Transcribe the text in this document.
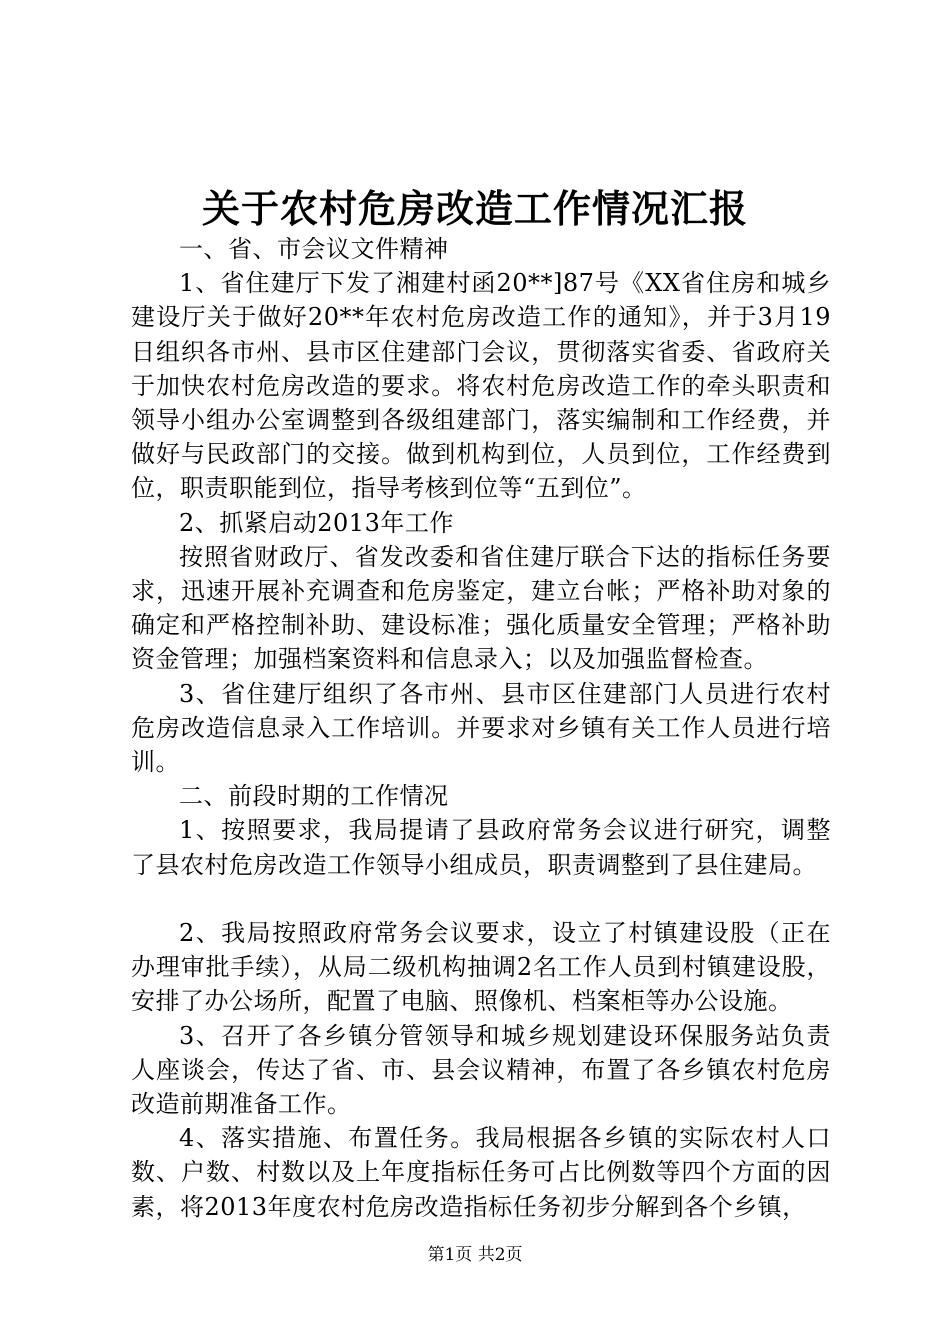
关于农村危房改造工作情况汇报

一、省、市会议文件精神

1、省住建厅下发了湘建村函20**]87号《XX省住房和城乡建设厅关于做好20**年农村危房改造工作的通知》，并于3月19日组织各市州、县市区住建部门会议，贯彻落实省委、省政府关于加快农村危房改造的要求。将农村危房改造工作的牵头职责和领导小组办公室调整到各级组建部门，落实编制和工作经费，并做好与民政部门的交接。做到机构到位，人员到位，工作经费到位，职责职能到位，指导考核到位等“五到位”。

2、抓紧启动2013年工作

按照省财政厅、省发改委和省住建厅联合下达的指标任务要求，迅速开展补充调查和危房鉴定，建立台帐；严格补助对象的确定和严格控制补助、建设标准；强化质量安全管理；严格补助资金管理；加强档案资料和信息录入；以及加强监督检查。

3、省住建厅组织了各市州、县市区住建部门人员进行农村危房改造信息录入工作培训。并要求对乡镇有关工作人员进行培训。

二、前段时期的工作情况

1、按照要求，我局提请了县政府常务会议进行研究，调整了县农村危房改造工作领导小组成员，职责调整到了县住建局。

2、我局按照政府常务会议要求，设立了村镇建设股（正在办理审批手续），从局二级机构抽调2名工作人员到村镇建设股，安排了办公场所，配置了电脑、照像机、档案柜等办公设施。

3、召开了各乡镇分管领导和城乡规划建设环保服务站负责人座谈会，传达了省、市、县会议精神，布置了各乡镇农村危房改造前期准备工作。

4、落实措施、布置任务。我局根据各乡镇的实际农村人口数、户数、村数以及上年度指标任务可占比例数等四个方面的因素，将2013年度农村危房改造指标任务初步分解到各个乡镇，

第1页 共2页
